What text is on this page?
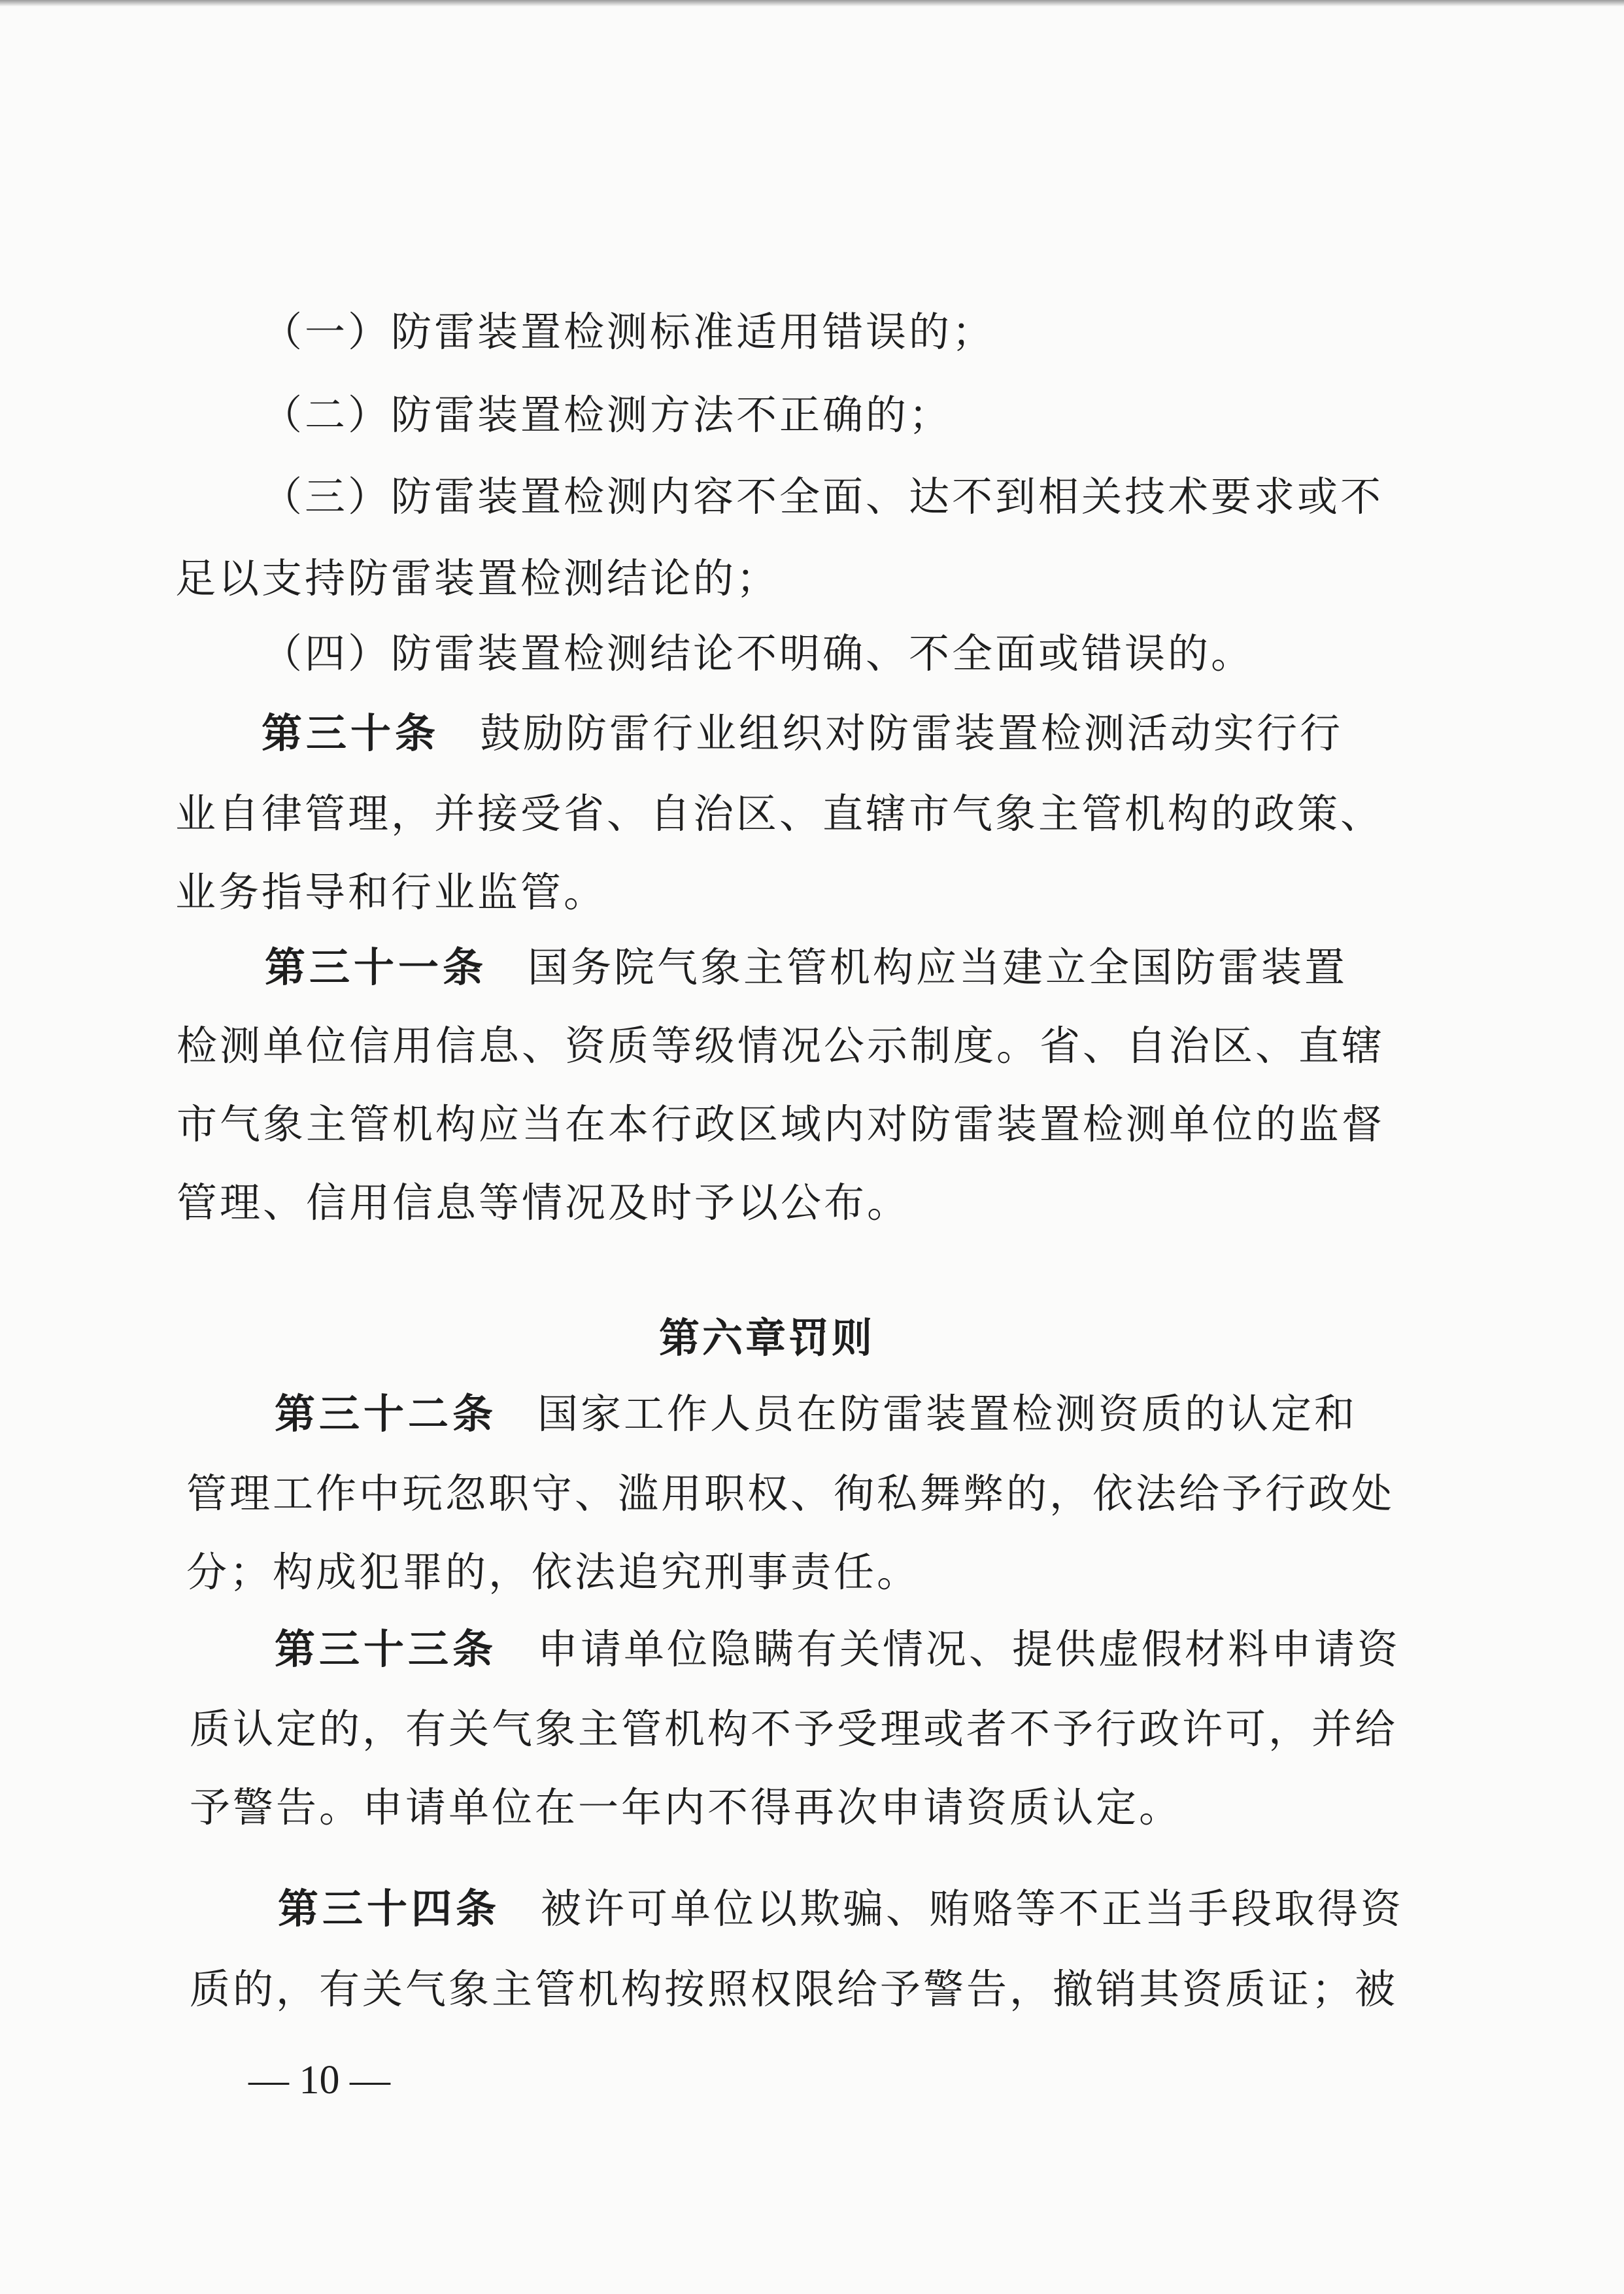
（一）防雷装置检测标准适用错误的；
（二）防雷装置检测方法不正确的；
（三）防雷装置检测内容不全面、达不到相关技术要求或不
足以支持防雷装置检测结论的；
（四）防雷装置检测结论不明确、不全面或错误的。
第三十条 鼓励防雷行业组织对防雷装置检测活动实行行
业自律管理，并接受省、自治区、直辖市气象主管机构的政策、
业务指导和行业监管。
第三十一条 国务院气象主管机构应当建立全国防雷装置
检测单位信用信息、资质等级情况公示制度。省、自治区、直辖
市气象主管机构应当在本行政区域内对防雷装置检测单位的监督
管理、信用信息等情况及时予以公布。
第六章罚则
第三十二条 国家工作人员在防雷装置检测资质的认定和
管理工作中玩忽职守、滥用职权、徇私舞弊的，依法给予行政处
分；构成犯罪的，依法追究刑事责任。
第三十三条 申请单位隐瞒有关情况、提供虚假材料申请资
质认定的，有关气象主管机构不予受理或者不予行政许可，并给
予警告。申请单位在一年内不得再次申请资质认定。
第三十四条 被许可单位以欺骗、贿赂等不正当手段取得资
质的，有关气象主管机构按照权限给予警告，撤销其资质证；被
— 10 —
